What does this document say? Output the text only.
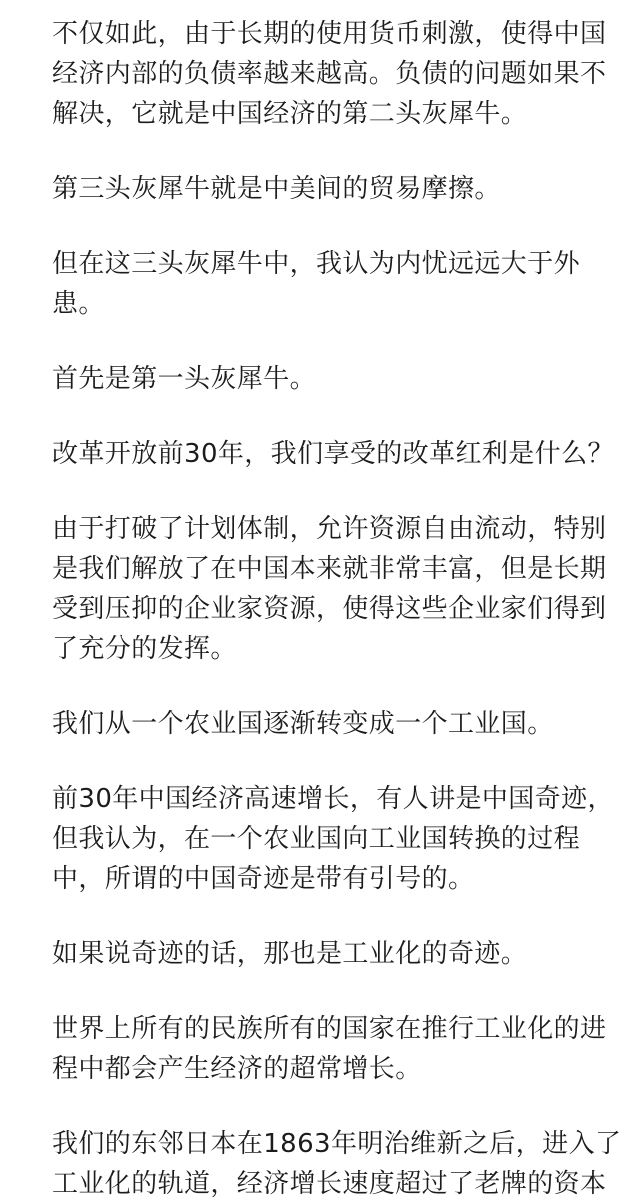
不仅如此，由于长期的使用货币刺激，使得中国
经济内部的负债率越来越高。负债的问题如果不
解决，它就是中国经济的第二头灰犀牛。
第三头灰犀牛就是中美间的贸易摩擦。
但在这三头灰犀牛中，我认为内忧远远大于外
患。
首先是第一头灰犀牛。
改革开放前30年，我们享受的改革红利是什么？
由于打破了计划体制，允许资源自由流动，特别
是我们解放了在中国本来就非常丰富，但是长期
受到压抑的企业家资源，使得这些企业家们得到
了充分的发挥。
我们从一个农业国逐渐转变成一个工业国。
前30年中国经济高速增长，有人讲是中国奇迹，
但我认为，在一个农业国向工业国转换的过程
中，所谓的中国奇迹是带有引号的。
如果说奇迹的话，那也是工业化的奇迹。
世界上所有的民族所有的国家在推行工业化的进
程中都会产生经济的超常增长。
我们的东邻日本在1863年明治维新之后，进入了
工业化的轨道，经济增长速度超过了老牌的资本
